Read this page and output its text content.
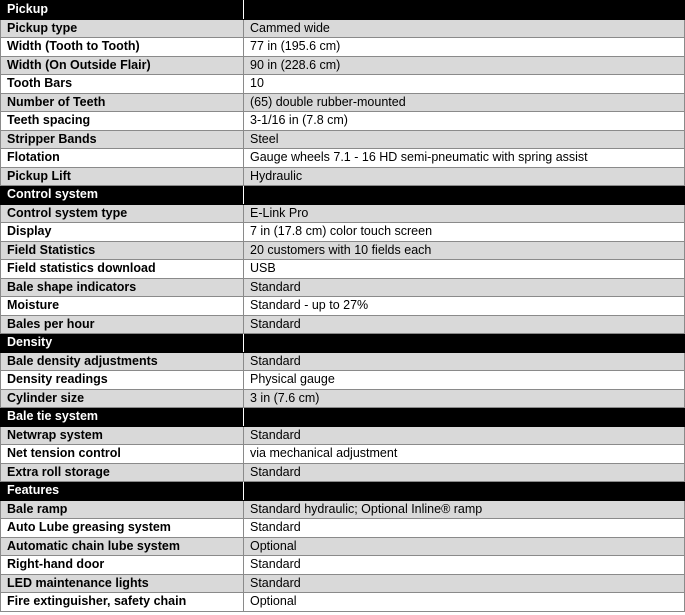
Pickup	
Pickup type	Cammed wide
Width (Tooth to Tooth)	77 in (195.6 cm)
Width (On Outside Flair)	90 in (228.6 cm)
Tooth Bars	10
Number of Teeth	(65) double rubber-mounted
Teeth spacing	3-1/16 in (7.8 cm)
Stripper Bands	Steel
Flotation	Gauge wheels 7.1 - 16 HD semi-pneumatic with spring assist
Pickup Lift	Hydraulic
Control system	
Control system type	E-Link Pro
Display	7 in (17.8 cm) color touch screen
Field Statistics	20 customers with 10 fields each
Field statistics download	USB
Bale shape indicators	Standard
Moisture	Standard - up to 27%
Bales per hour	Standard
Density	
Bale density adjustments	Standard
Density readings	Physical gauge
Cylinder size	3 in (7.6 cm)
Bale tie system	
Netwrap system	Standard
Net tension control	via mechanical adjustment
Extra roll storage	Standard
Features	
Bale ramp	Standard hydraulic; Optional Inline® ramp
Auto Lube greasing system	Standard
Automatic chain lube system	Optional
Right-hand door	Standard
LED maintenance lights	Standard
Fire extinguisher, safety chain	Optional
